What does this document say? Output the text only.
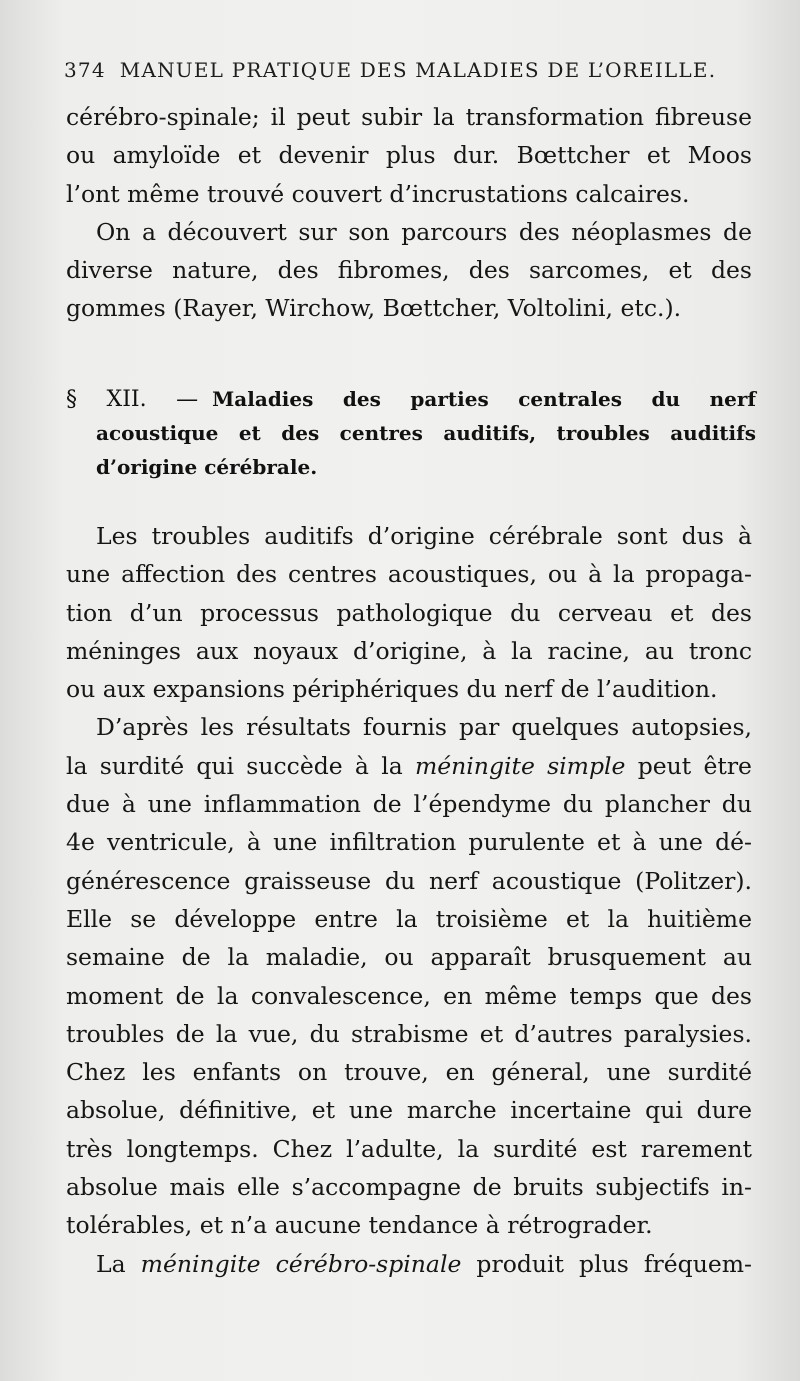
374 MANUEL PRATIQUE DES MALADIES DE L’OREILLE.
cérébro-spinale; il peut subir la transformation fibreuse
ou amyloïde et devenir plus dur. Bœttcher et Moos
l’ont même trouvé couvert d’incrustations calcaires.
On a découvert sur son parcours des néoplasmes de
diverse nature, des fibromes, des sarcomes, et des
gommes (Rayer, Wirchow, Bœttcher, Voltolini, etc.).
§ XII. — Maladies des parties centrales du nerf
acoustique et des centres auditifs, troubles auditifs
d’origine cérébrale.
Les troubles auditifs d’origine cérébrale sont dus à
une affection des centres acoustiques, ou à la propaga-
tion d’un processus pathologique du cerveau et des
méninges aux noyaux d’origine, à la racine, au tronc
ou aux expansions périphériques du nerf de l’audition.
D’après les résultats fournis par quelques autopsies,
la surdité qui succède à la méningite simple peut être
due à une inflammation de l’épendyme du plancher du
4e ventricule, à une infiltration purulente et à une dé-
générescence graisseuse du nerf acoustique (Politzer).
Elle se développe entre la troisième et la huitième
semaine de la maladie, ou apparaît brusquement au
moment de la convalescence, en même temps que des
troubles de la vue, du strabisme et d’autres paralysies.
Chez les enfants on trouve, en géneral, une surdité
absolue, définitive, et une marche incertaine qui dure
très longtemps. Chez l’adulte, la surdité est rarement
absolue mais elle s’accompagne de bruits subjectifs in-
tolérables, et n’a aucune tendance à rétrograder.
La méningite cérébro-spinale produit plus fréquem-
